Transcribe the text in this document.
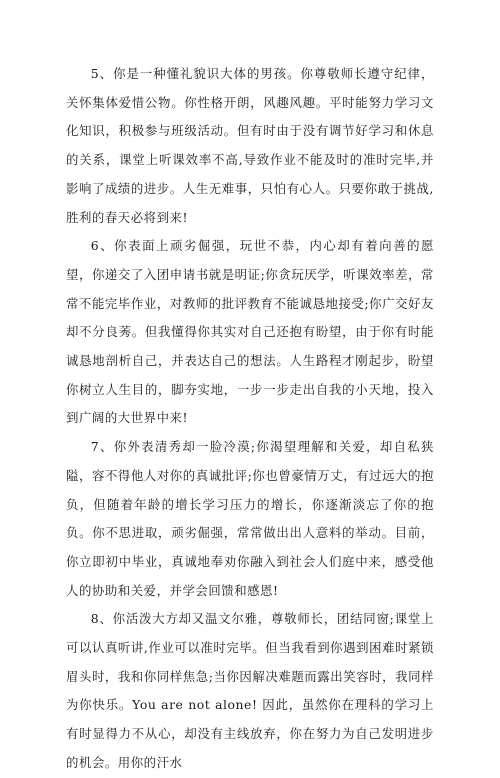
5、你是一种懂礼貌识大体的男孩。你尊敬师长遵守纪律，关怀集体爱惜公物。你性格开朗，风趣风趣。平时能努力学习文化知识，积极参与班级活动。但有时由于没有调节好学习和休息的关系，课堂上听课效率不高,导致作业不能及时的准时完毕,并影响了成绩的进步。人生无难事，只怕有心人。只要你敢于挑战,胜利的春天必将到来!

6、你表面上顽劣倔强，玩世不恭，内心却有着向善的愿望，你递交了入团申请书就是明证;你贪玩厌学，听课效率差，常常不能完毕作业，对教师的批评教育不能诚恳地接受;你广交好友却不分良莠。但我懂得你其实对自己还抱有盼望，由于你有时能诚恳地剖析自己，并表达自己的想法。人生路程才刚起步，盼望你树立人生目的，脚夯实地，一步一步走出自我的小天地，投入到广阔的大世界中来!

7、你外表清秀却一脸冷漠;你渴望理解和关爱，却自私狭隘，容不得他人对你的真诚批评;你也曾豪情万丈，有过远大的抱负，但随着年龄的增长学习压力的增长，你逐渐淡忘了你的抱负。你不思进取，顽劣倔强，常常做出出人意料的举动。目前，你立即初中毕业，真诚地奉劝你融入到社会人们庭中来，感受他人的协助和关爱，并学会回馈和感恩!

8、你活泼大方却又温文尔雅，尊敬师长，团结同窗;课堂上可以认真听讲,作业可以准时完毕。但当我看到你遇到困难时紧锁眉头时，我和你同样焦急;当你因解决难题而露出笑容时，我同样为你快乐。You are not alone! 因此，虽然你在理科的学习上有时显得力不从心，却没有主线放弃，你在努力为自己发明进步的机会。用你的汗水
